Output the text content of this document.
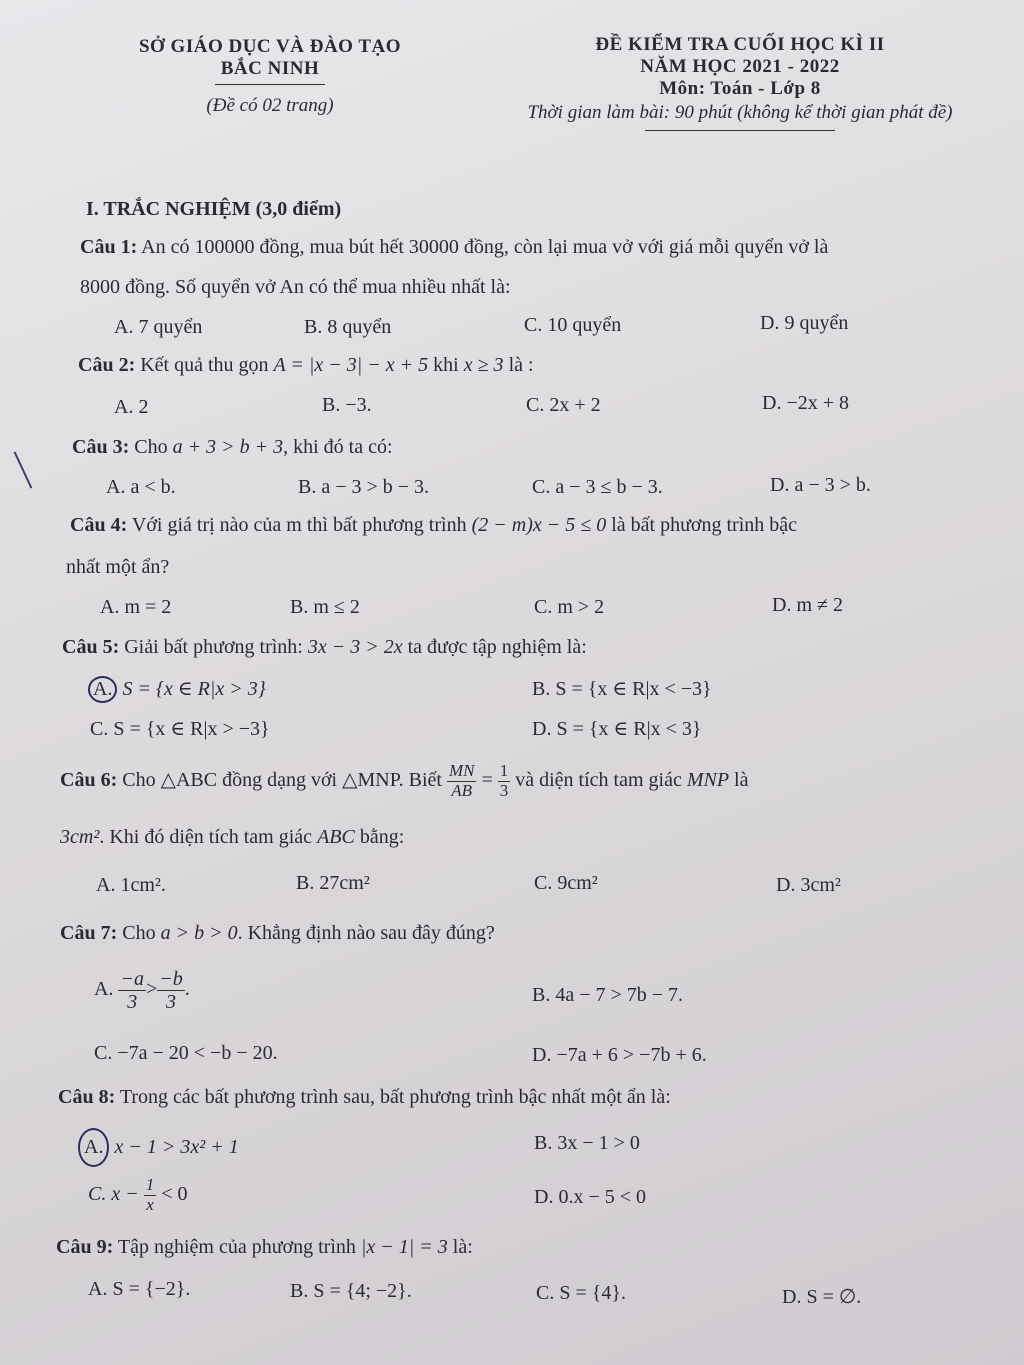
SỞ GIÁO DỤC VÀ ĐÀO TẠO
BẮC NINH
(Đề có 02 trang)
ĐỀ KIỂM TRA CUỐI HỌC KÌ II
NĂM HỌC 2021 - 2022
Môn: Toán - Lớp 8
Thời gian làm bài: 90 phút (không kể thời gian phát đề)
I. TRẮC NGHIỆM (3,0 điểm)
Câu 1: An có 100000 đồng, mua bút hết 30000 đồng, còn lại mua vở với giá mỗi quyển vở là
8000 đồng. Số quyển vở An có thể mua nhiều nhất là:
A. 7 quyển	B. 8 quyển	C. 10 quyển	D. 9 quyển
Câu 2: Kết quả thu gọn A = |x − 3| − x + 5 khi x ≥ 3 là :
A. 2	B. −3.	C. 2x + 2	D. −2x + 8
Câu 3: Cho a + 3 > b + 3, khi đó ta có:
A. a < b.	B. a − 3 > b − 3.	C. a − 3 ≤ b − 3.	D. a − 3 > b.
Câu 4: Với giá trị nào của m thì bất phương trình (2 − m)x − 5 ≤ 0 là bất phương trình bậc
nhất một ẩn?
A. m = 2	B. m ≤ 2	C. m > 2	D. m ≠ 2
Câu 5: Giải bất phương trình: 3x − 3 > 2x ta được tập nghiệm là:
A. S = {x ∈ R|x > 3}	B. S = {x ∈ R|x < −3}
C. S = {x ∈ R|x > −3}	D. S = {x ∈ R|x < 3}
Câu 6: Cho △ABC đồng dạng với △MNP. Biết $\frac{MN}{AB} = \frac{1}{3}$ và diện tích tam giác MNP là
3cm². Khi đó diện tích tam giác ABC bằng:
A. 1cm².	B. 27cm²	C. 9cm²	D. 3cm²
Câu 7: Cho a > b > 0. Khẳng định nào sau đây đúng?
A. $\frac{-a}{3} > \frac{-b}{3}$ .	B. 4a − 7 > 7b − 7.
C. −7a − 20 < −b − 20.	D. −7a + 6 > −7b + 6.
Câu 8: Trong các bất phương trình sau, bất phương trình bậc nhất một ẩn là:
A. x − 1 > 3x² + 1	B. 3x − 1 > 0
C. $x - \frac{1}{x} < 0$	D. 0.x − 5 < 0
Câu 9: Tập nghiệm của phương trình |x − 1| = 3 là:
A. S = {−2}.	B. S = {4; −2}.	C. S = {4}.	D. S = ∅.
